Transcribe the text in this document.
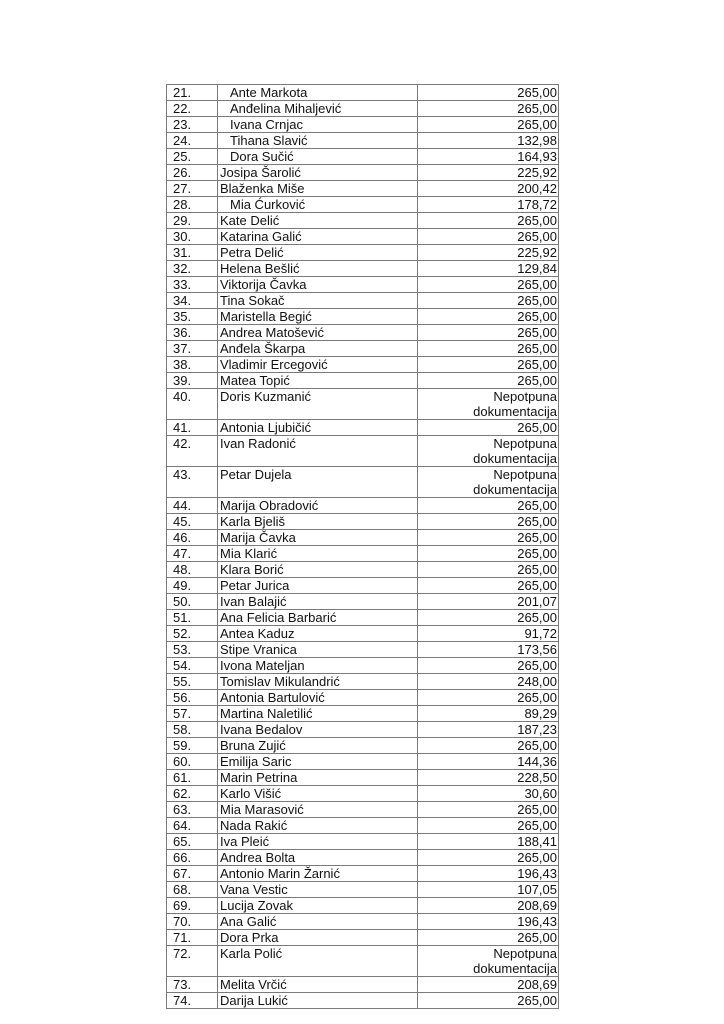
21.	Ante Markota	265,00
22.	Anđelina Mihaljević	265,00
23.	Ivana Crnjac	265,00
24.	Tihana Slavić	132,98
25.	Dora Sučić	164,93
26.	Josipa Šarolić	225,92
27.	Blaženka Miše	200,42
28.	Mia Ćurković	178,72
29.	Kate Delić	265,00
30.	Katarina Galić	265,00
31.	Petra Delić	225,92
32.	Helena Bešlić	129,84
33.	Viktorija Čavka	265,00
34.	Tina Sokač	265,00
35.	Maristella Begić	265,00
36.	Andrea Matošević	265,00
37.	Anđela Škarpa	265,00
38.	Vladimir Ercegović	265,00
39.	Matea Topić	265,00
40.	Doris Kuzmanić	Nepotpuna
dokumentacija

41.	Antonia Ljubičić	265,00
42.	Ivan Radonić	Nepotpuna
dokumentacija

43.	Petar Dujela	Nepotpuna
dokumentacija

44.	Marija Obradović	265,00
45.	Karla Bjeliš	265,00
46.	Marija Čavka	265,00
47.	Mia Klarić	265,00
48.	Klara Borić	265,00
49.	Petar Jurica	265,00
50.	Ivan Balajić	201,07
51.	Ana Felicia Barbarić	265,00
52.	Antea Kaduz	91,72
53.	Stipe Vranica	173,56
54.	Ivona Mateljan	265,00
55.	Tomislav Mikulandrić	248,00
56.	Antonia Bartulović	265,00
57.	Martina Naletilić	89,29
58.	Ivana Bedalov	187,23
59.	Bruna Zujić	265,00
60.	Emilija Saric	144,36
61.	Marin Petrina	228,50
62.	Karlo Višić	30,60
63.	Mia Marasović	265,00
64.	Nada Rakić	265,00
65.	Iva Pleić	188,41
66.	Andrea Bolta	265,00
67.	Antonio Marin Žarnić	196,43
68.	Vana Vestic	107,05
69.	Lucija Zovak	208,69
70.	Ana Galić	196,43
71.	Dora Prka	265,00
72.	Karla Polić	Nepotpuna
dokumentacija

73.	Melita Vrčić	208,69
74.	Darija Lukić	265,00
